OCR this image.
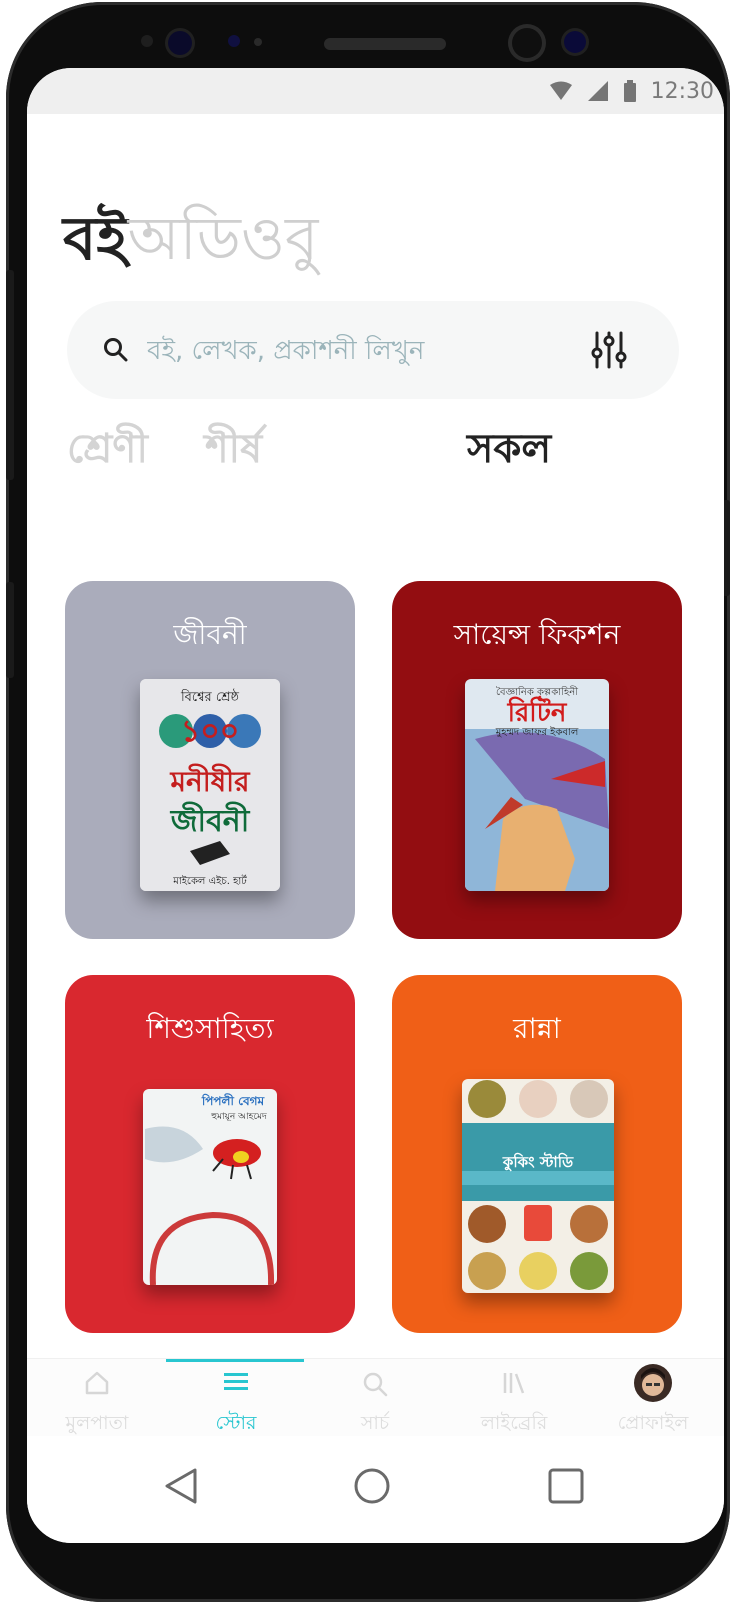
12:30
বইঅডিওবু
বই, লেখক, প্রকাশনী লিখুন
শ্রেণী শীর্ষ	সকল
জীবনী
বিশ্বের শ্রেষ্ঠ
১০০
মনীষীর
জীবনী
মাইকেল এইচ. হার্ট
সায়েন্স ফিকশন
বৈজ্ঞানিক কল্পকাহিনী
রিটিন
মুহম্মদ জাফর ইকবাল
শিশুসাহিত্য
পিপলী বেগম
হুমায়ূন আহমেদ
রান্না
কুকিং স্টাডি
মুলপাতা	স্টোর	সার্চ	লাইব্রেরি	প্রোফাইল
